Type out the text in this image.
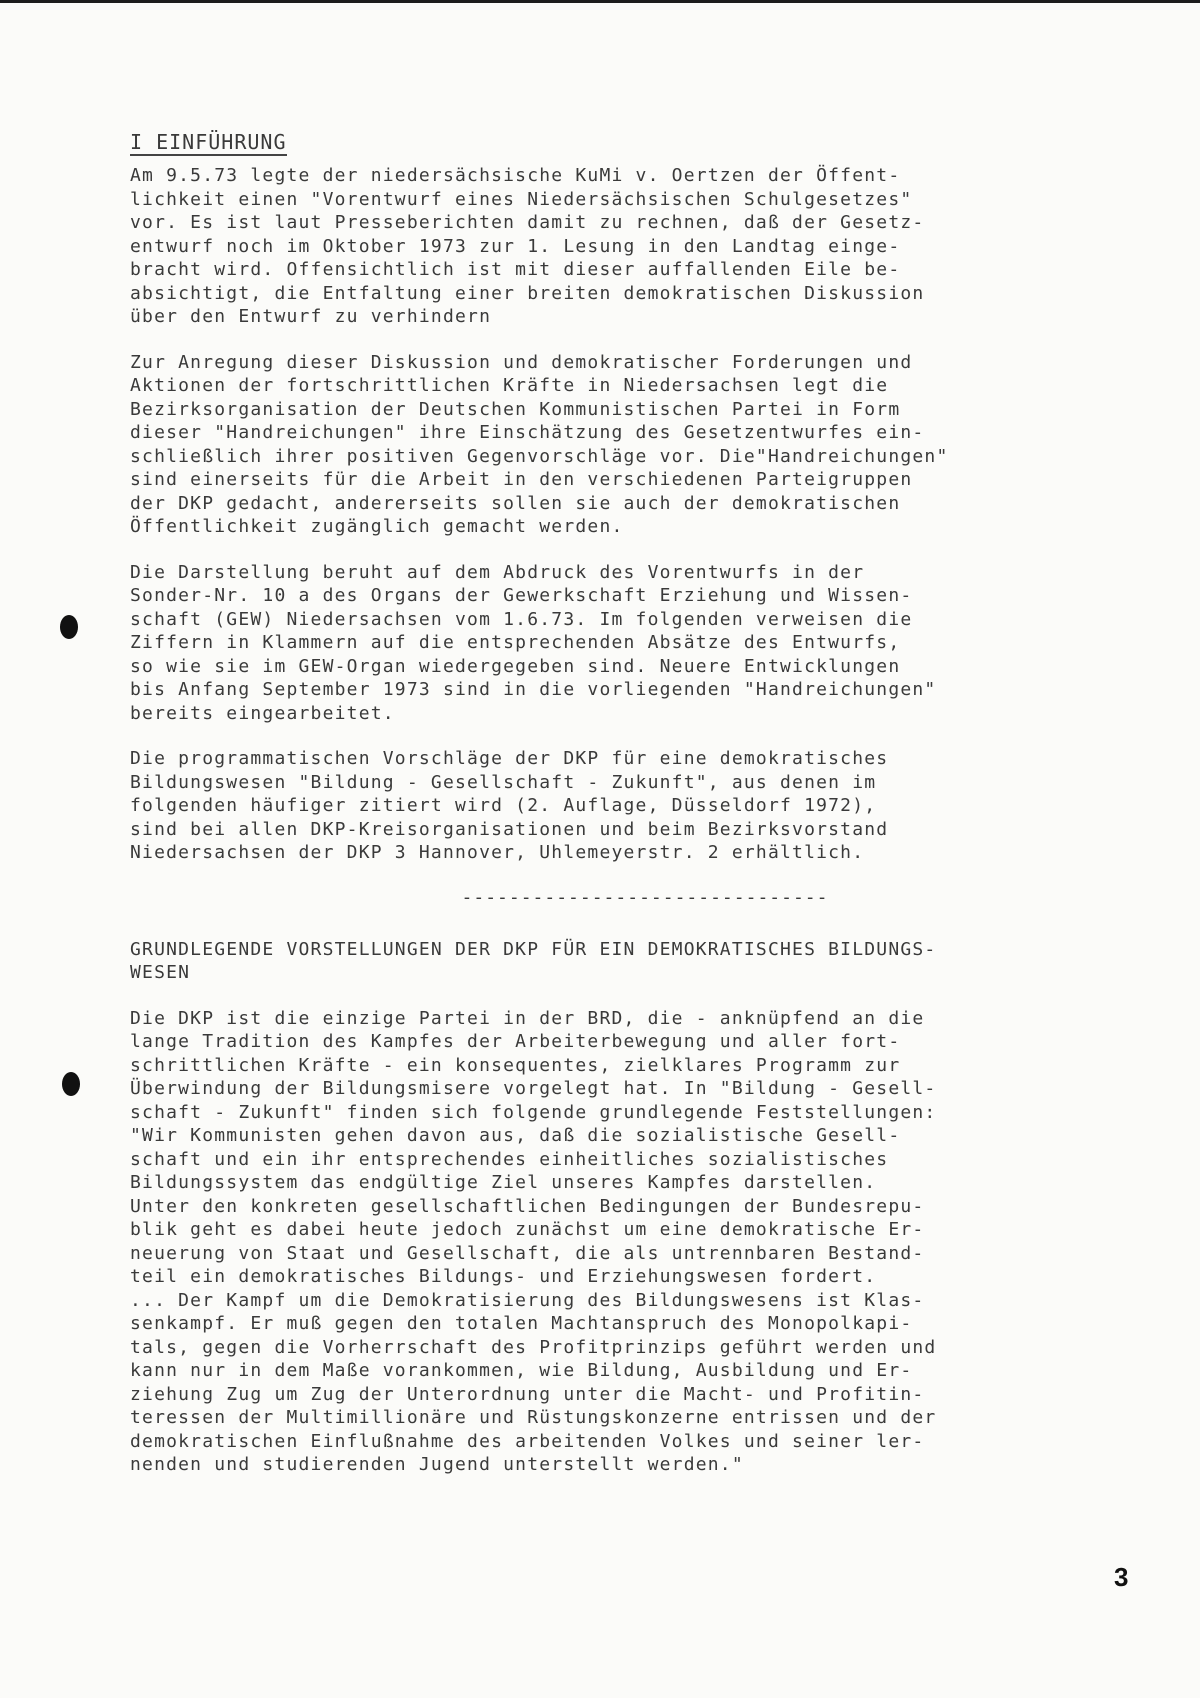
I EINFÜHRUNG

Am 9.5.73 legte der niedersächsische KuMi v. Oertzen der Öffent-
lichkeit einen "Vorentwurf eines Niedersächsischen Schulgesetzes"
vor. Es ist laut Presseberichten damit zu rechnen, daß der Gesetz-
entwurf noch im Oktober 1973 zur 1. Lesung in den Landtag einge-
bracht wird. Offensichtlich ist mit dieser auffallenden Eile be-
absichtigt, die Entfaltung einer breiten demokratischen Diskussion
über den Entwurf zu verhindern

Zur Anregung dieser Diskussion und demokratischer Forderungen und
Aktionen der fortschrittlichen Kräfte in Niedersachsen legt die
Bezirksorganisation der Deutschen Kommunistischen Partei in Form
dieser "Handreichungen" ihre Einschätzung des Gesetzentwurfes ein-
schließlich ihrer positiven Gegenvorschläge vor. Die"Handreichungen"
sind einerseits für die Arbeit in den verschiedenen Parteigruppen
der DKP gedacht, andererseits sollen sie auch der demokratischen
Öffentlichkeit zugänglich gemacht werden.

Die Darstellung beruht auf dem Abdruck des Vorentwurfs in der
Sonder-Nr. 10 a des Organs der Gewerkschaft Erziehung und Wissen-
schaft (GEW) Niedersachsen vom 1.6.73. Im folgenden verweisen die
Ziffern in Klammern auf die entsprechenden Absätze des Entwurfs,
so wie sie im GEW-Organ wiedergegeben sind. Neuere Entwicklungen
bis Anfang September 1973 sind in die vorliegenden "Handreichungen"
bereits eingearbeitet.

Die programmatischen Vorschläge der DKP für eine demokratisches
Bildungswesen "Bildung - Gesellschaft - Zukunft", aus denen im
folgenden häufiger zitiert wird (2. Auflage, Düsseldorf 1972),
sind bei allen DKP-Kreisorganisationen und beim Bezirksvorstand
Niedersachsen der DKP 3 Hannover, Uhlemeyerstr. 2 erhältlich.

-------------------------------
GRUNDLEGENDE VORSTELLUNGEN DER DKP FÜR EIN DEMOKRATISCHES BILDUNGS-
WESEN

Die DKP ist die einzige Partei in der BRD, die - anknüpfend an die
lange Tradition des Kampfes der Arbeiterbewegung und aller fort-
schrittlichen Kräfte - ein konsequentes, zielklares Programm zur
Überwindung der Bildungsmisere vorgelegt hat. In "Bildung - Gesell-
schaft - Zukunft" finden sich folgende grundlegende Feststellungen:
"Wir Kommunisten gehen davon aus, daß die sozialistische Gesell-
schaft und ein ihr entsprechendes einheitliches sozialistisches
Bildungssystem das endgültige Ziel unseres Kampfes darstellen.
Unter den konkreten gesellschaftlichen Bedingungen der Bundesrepu-
blik geht es dabei heute jedoch zunächst um eine demokratische Er-
neuerung von Staat und Gesellschaft, die als untrennbaren Bestand-
teil ein demokratisches Bildungs- und Erziehungswesen fordert.
... Der Kampf um die Demokratisierung des Bildungswesens ist Klas-
senkampf. Er muß gegen den totalen Machtanspruch des Monopolkapi-
tals, gegen die Vorherrschaft des Profitprinzips geführt werden und
kann nur in dem Maße vorankommen, wie Bildung, Ausbildung und Er-
ziehung Zug um Zug der Unterordnung unter die Macht- und Profitin-
teressen der Multimillionäre und Rüstungskonzerne entrissen und der
demokratischen Einflußnahme des arbeitenden Volkes und seiner ler-
nenden und studierenden Jugend unterstellt werden."

3
